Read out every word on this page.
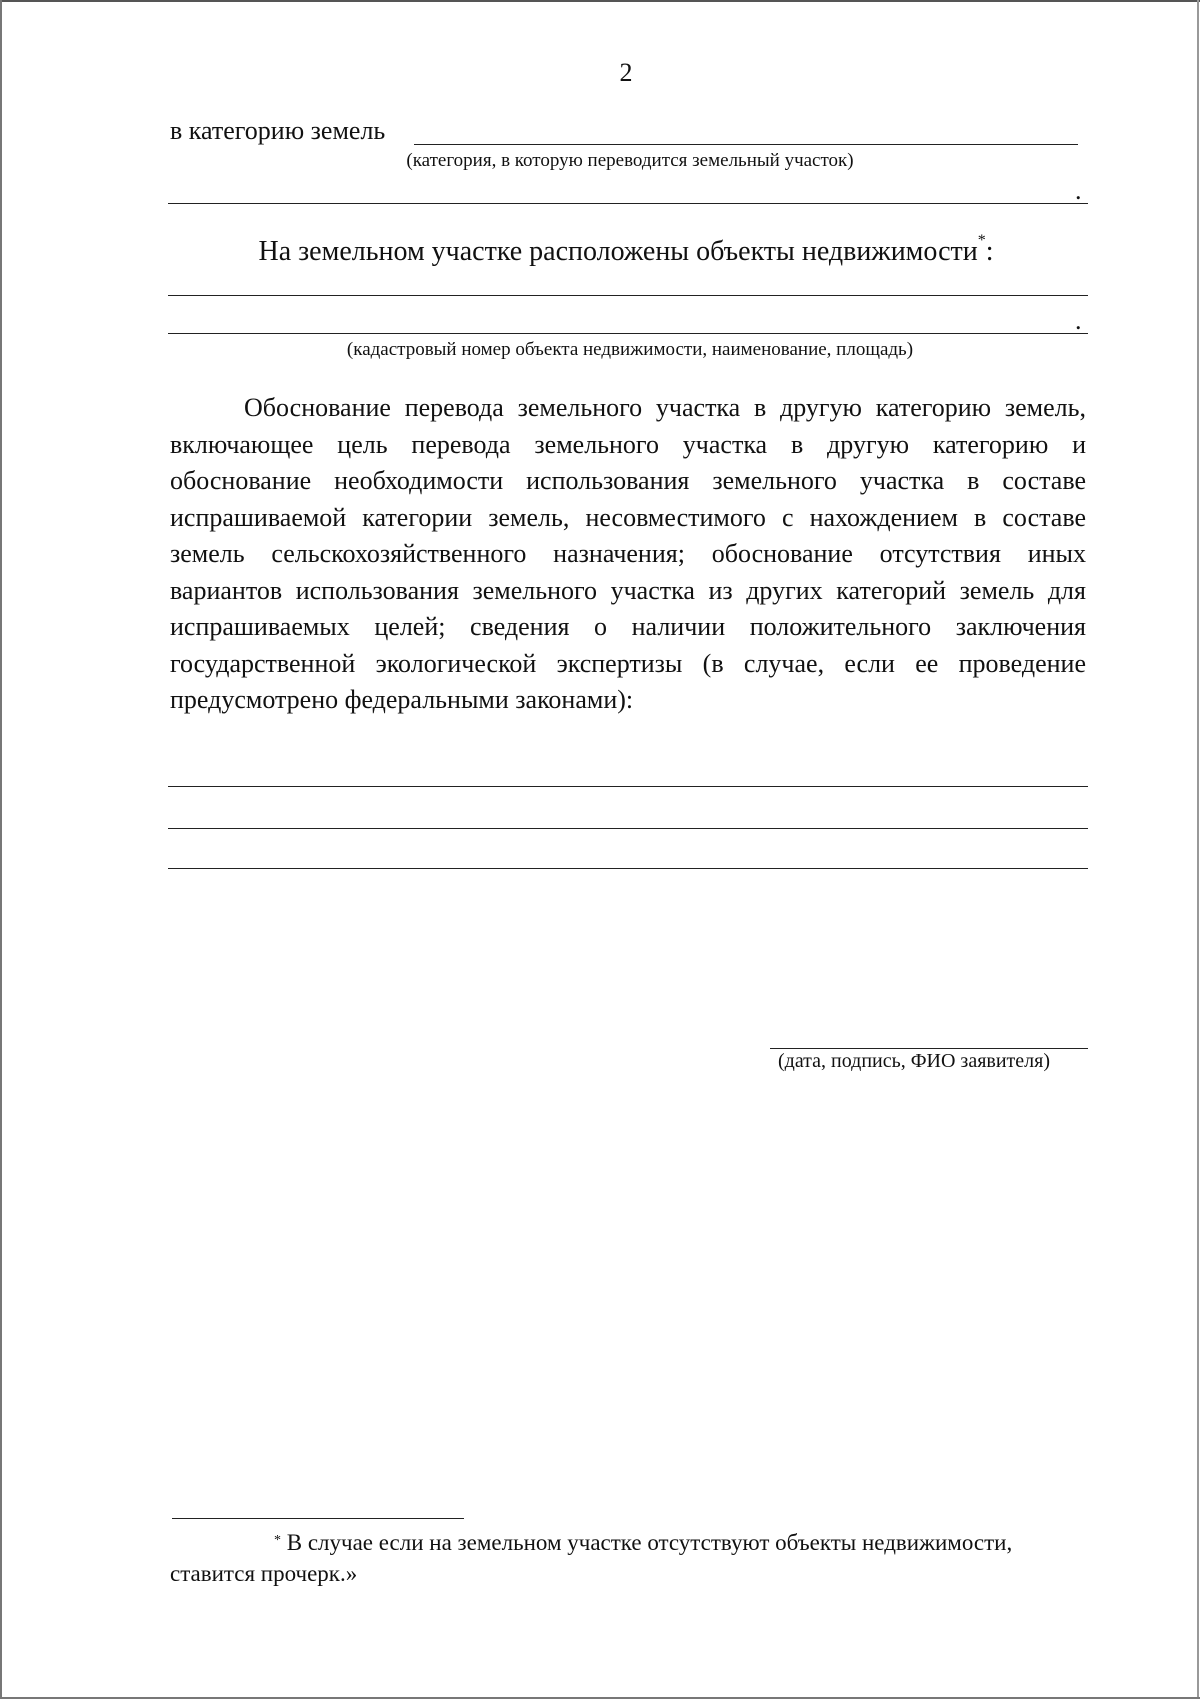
2
в категорию земель
(категория, в которую переводится земельный участок)
.
На земельном участке расположены объекты недвижимости*:
.
(кадастровый номер объекта недвижимости, наименование, площадь)

Обоснование перевода земельного участка в другую категорию земель, включающее цель перевода земельного участка в другую категорию и обоснование необходимости использования земельного участка в составе испрашиваемой категории земель, несовместимого с нахождением в составе земель сельскохозяйственного назначения; обоснование отсутствия иных вариантов использования земельного участка из других категорий земель для испрашиваемых целей; сведения о наличии положительного заключения государственной экологической экспертизы (в случае, если ее проведение предусмотрено федеральными законами):

(дата, подпись, ФИО заявителя)

* В случае если на земельном участке отсутствуют объекты недвижимости, ставится прочерк.»
